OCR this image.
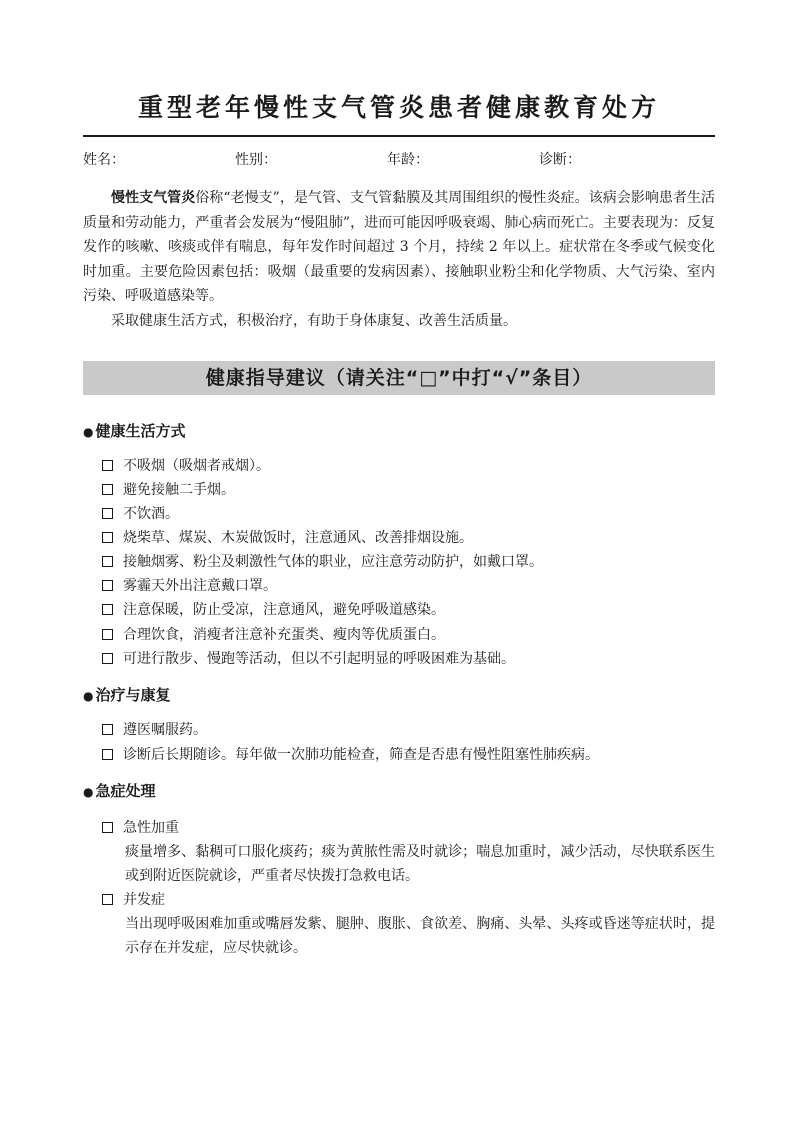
重型老年慢性支气管炎患者健康教育处方
姓名：	性别：	年龄：	诊断：

慢性支气管炎俗称“老慢支”，是气管、支气管黏膜及其周围组织的慢性炎症。该病会影响患者生活质量和劳动能力，严重者会发展为“慢阻肺”，进而可能因呼吸衰竭、肺心病而死亡。主要表现为：反复发作的咳嗽、咳痰或伴有喘息，每年发作时间超过 3 个月，持续 2 年以上。症状常在冬季或气候变化时加重。主要危险因素包括：吸烟（最重要的发病因素）、接触职业粉尘和化学物质、大气污染、室内污染、呼吸道感染等。

采取健康生活方式，积极治疗，有助于身体康复、改善生活质量。

健康指导建议（请关注“□”中打“√”条目）
● 健康生活方式
不吸烟（吸烟者戒烟）。
避免接触二手烟。
不饮酒。
烧柴草、煤炭、木炭做饭时，注意通风、改善排烟设施。
接触烟雾、粉尘及刺激性气体的职业，应注意劳动防护，如戴口罩。
雾霾天外出注意戴口罩。
注意保暖，防止受凉，注意通风，避免呼吸道感染。
合理饮食，消瘦者注意补充蛋类、瘦肉等优质蛋白。
可进行散步、慢跑等活动，但以不引起明显的呼吸困难为基础。
● 治疗与康复
遵医嘱服药。
诊断后长期随诊。每年做一次肺功能检查，筛查是否患有慢性阻塞性肺疾病。
● 急症处理
急性加重
痰量增多、黏稠可口服化痰药；痰为黄脓性需及时就诊；喘息加重时，减少活动，尽快联系医生或到附近医院就诊，严重者尽快拨打急救电话。
并发症
当出现呼吸困难加重或嘴唇发紫、腿肿、腹胀、食欲差、胸痛、头晕、头疼或昏迷等症状时，提示存在并发症，应尽快就诊。
